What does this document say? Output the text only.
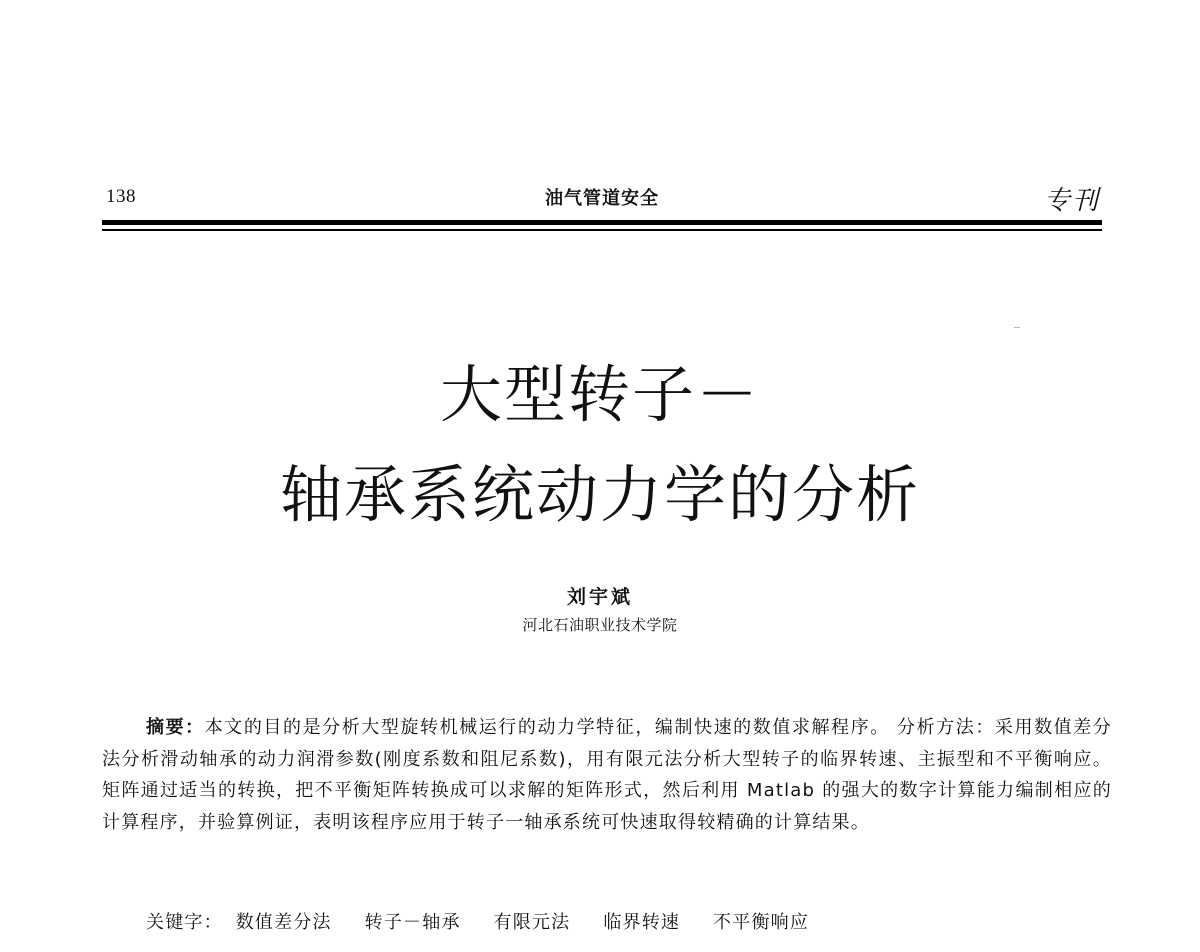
138	油气管道安全	专刊
大型转子－
轴承系统动力学的分析
刘宇斌
河北石油职业技术学院

摘要：本文的目的是分析大型旋转机械运行的动力学特征，编制快速的数值求解程序。 分析方法：采用数值差分法分析滑动轴承的动力润滑参数(刚度系数和阻尼系数)，用有限元法分析大型转子的临界转速、主振型和不平衡响应。矩阵通过适当的转换，把不平衡矩阵转换成可以求解的矩阵形式，然后利用 Matlab 的强大的数字计算能力编制相应的计算程序，并验算例证，表明该程序应用于转子一轴承系统可快速取得较精确的计算结果。

关键字： 数值差分法 转子－轴承 有限元法 临界转速 不平衡响应
